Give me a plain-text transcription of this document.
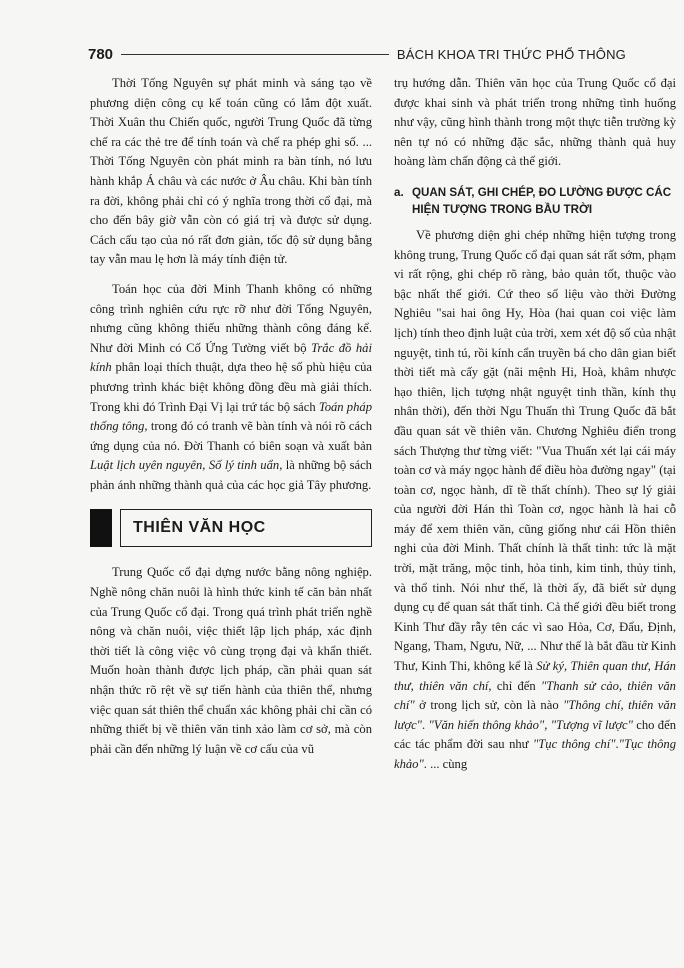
780	BÁCH KHOA TRI THỨC PHỔ THÔNG

Thời Tống Nguyên sự phát minh và sáng tạo về phương diện công cụ kế toán cũng có lắm đột xuất. Thời Xuân thu Chiến quốc, người Trung Quốc đã từng chế ra các thẻ tre để tính toán và chế ra phép ghi số. ... Thời Tống Nguyên còn phát minh ra bàn tính, nó lưu hành khắp Á châu và các nước ở Âu châu. Khi bàn tính ra đời, không phải chỉ có ý nghĩa trong thời cổ đại, mà cho đến bây giờ vẫn còn có giá trị và được sử dụng. Cách cấu tạo của nó rất đơn giản, tốc độ sử dụng bằng tay vẫn mau lẹ hơn là máy tính điện tử.

Toán học của đời Minh Thanh không có những công trình nghiên cứu rực rỡ như đời Tống Nguyên, nhưng cũng không thiếu những thành công đáng kể. Như đời Minh có Cố Ứng Tường viết bộ Trắc đồ hải kính phân loại thích thuật, dựa theo hệ số phù hiệu của phương trình khác biệt không đồng đều mà giải thích. Trong khi đó Trình Đại Vị lại trứ tác bộ sách Toán pháp thống tông, trong đó có tranh vẽ bàn tính và nói rõ cách ứng dụng của nó. Đời Thanh có biên soạn và xuất bản Luật lịch uyên nguyên, Số lý tinh uẩn, là những bộ sách phản ánh những thành quả của các học giả Tây phương.

THIÊN VĂN HỌC

Trung Quốc cổ đại dựng nước bằng nông nghiệp. Nghề nông chăn nuôi là hình thức kinh tế căn bản nhất của Trung Quốc cổ đại. Trong quá trình phát triển nghề nông và chăn nuôi, việc thiết lập lịch pháp, xác định thời tiết là công việc vô cùng trọng đại và khẩn thiết. Muốn hoàn thành được lịch pháp, cần phải quan sát nhận thức rõ rệt về sự tiến hành của thiên thể, nhưng việc quan sát thiên thể chuẩn xác không phải chỉ cần có những thiết bị về thiên văn tinh xảo làm cơ sở, mà còn phải cần đến những lý luận về cơ cấu của vũ

trụ hướng dẫn. Thiên văn học của Trung Quốc cổ đại được khai sinh và phát triển trong những tình huống như vậy, cũng hình thành trong một thực tiễn trường kỳ nên tự nó có những đặc sắc, những thành quả huy hoàng làm chấn động cả thế giới.

a. QUAN SÁT, GHI CHÉP, ĐO LƯỜNG ĐƯỢC CÁC HIỆN TƯỢNG TRONG BẦU TRỜI

Về phương diện ghi chép những hiện tượng trong không trung, Trung Quốc cổ đại quan sát rất sớm, phạm vi rất rộng, ghi chép rõ ràng, bảo quản tốt, thuộc vào bậc nhất thế giới. Cứ theo số liệu vào thời Đường Nghiêu "sai hai ông Hy, Hòa (hai quan coi việc làm lịch) tính theo định luật của trời, xem xét độ số của nhật nguyệt, tinh tú, rồi kính cẩn truyền bá cho dân gian biết thời tiết mà cấy gặt (nãi mệnh Hi, Hoà, khâm nhược hạo thiên, lịch tượng nhật nguyệt tinh thần, kính thụ nhân thời), đến thời Ngu Thuấn thì Trung Quốc đã bắt đầu quan sát về thiên văn. Chương Nghiêu điển trong sách Thượng thư từng viết: "Vua Thuấn xét lại cái máy toàn cơ và máy ngọc hành để điều hòa đường ngay" (tại toàn cơ, ngọc hành, dĩ tề thất chính). Theo sự lý giải của người đời Hán thì Toàn cơ, ngọc hành là hai cỗ máy để xem thiên văn, cũng giống như cái Hồn thiên nghi của đời Minh. Thất chính là thất tinh: tức là mặt trời, mặt trăng, mộc tinh, hỏa tinh, kim tinh, thủy tinh, và thổ tinh. Nói như thế, là thời ấy, đã biết sử dụng dụng cụ để quan sát thất tinh. Cả thế giới đều biết trong Kinh Thư đầy rẫy tên các vì sao Hỏa, Cơ, Đẩu, Định, Ngang, Tham, Ngưu, Nữ, ... Như thế là bắt đầu từ Kinh Thư, Kinh Thi, không kể là Sử ký, Thiên quan thư, Hán thư, thiên văn chí, chỉ đến "Thanh sử cảo, thiên văn chí" ở trong lịch sử, còn là nào "Thông chí, thiên văn lược". "Văn hiến thông khảo", "Tượng vĩ lược" cho đến các tác phẩm đời sau như "Tục thông chí"."Tục thông khảo". ... cùng
